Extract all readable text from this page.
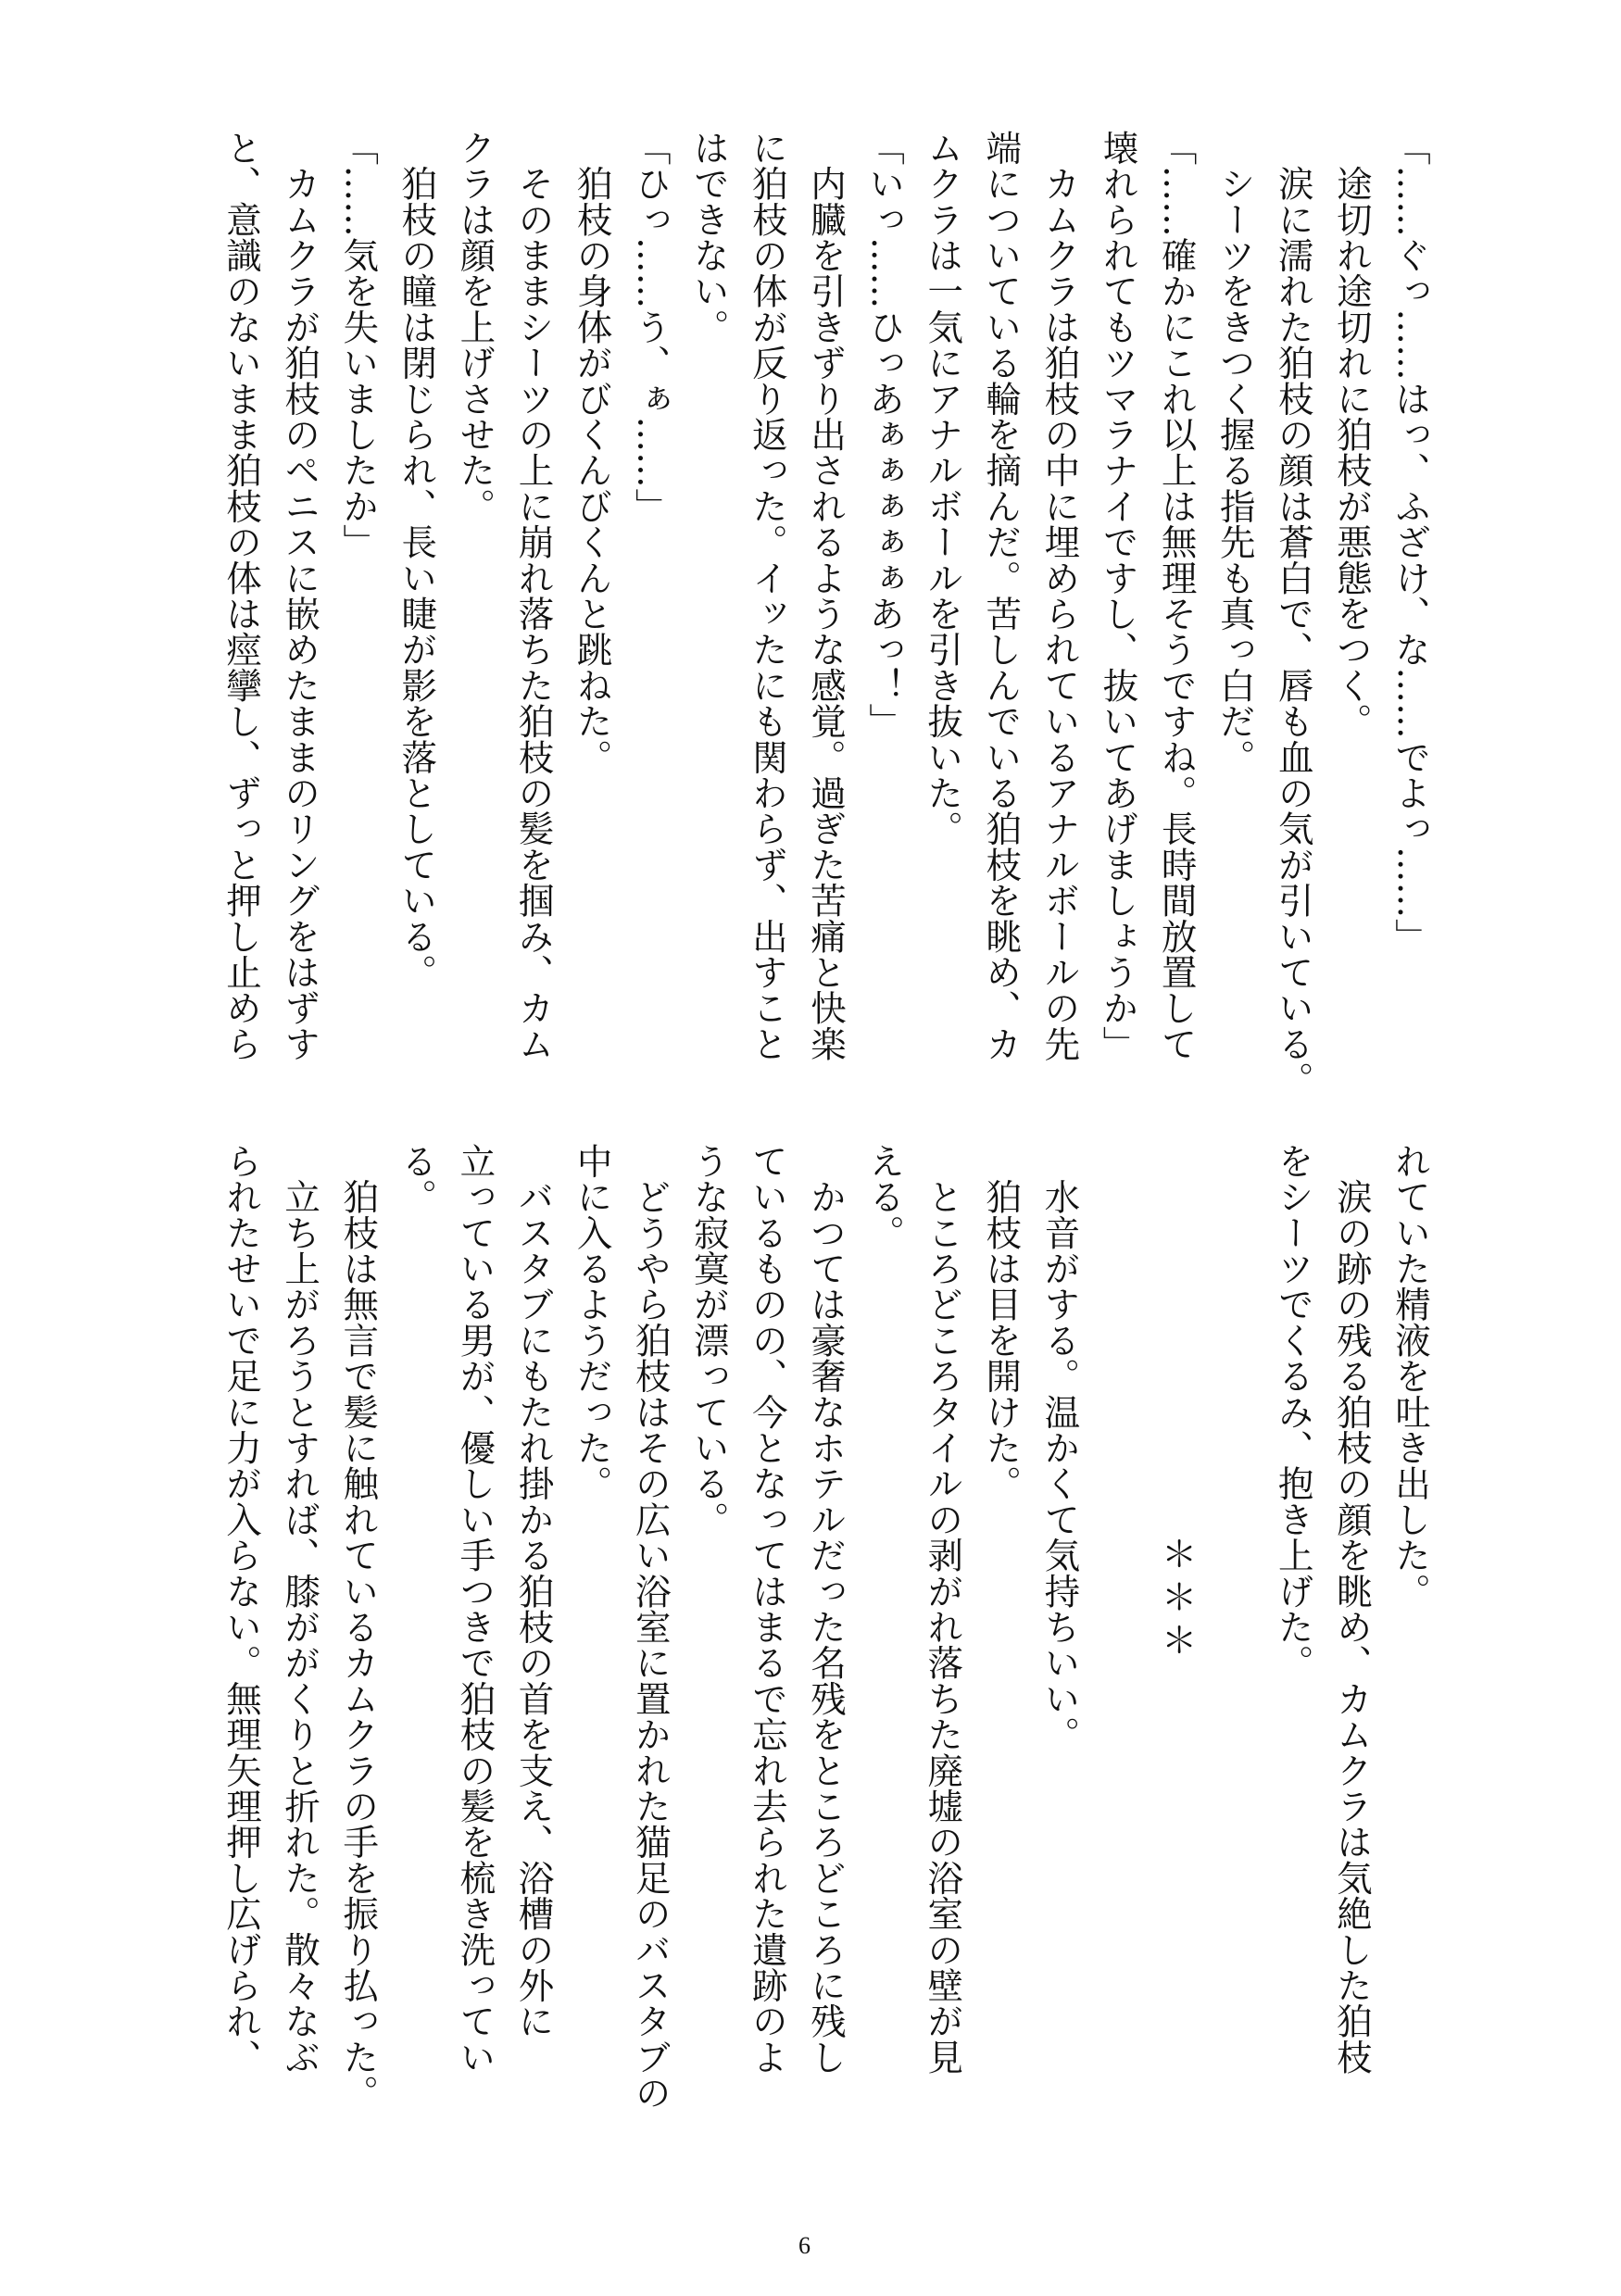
「……ぐっ……はっ、ふざけ、な……でよっ……」
　途切れ途切れに狛枝が悪態をつく。
　涙に濡れた狛枝の顔は蒼白で、唇も血の気が引いている。
　シーツをきつく握る指先も真っ白だ。
「……確かにこれ以上は無理そうですね。長時間放置して
壊れられてもツマラナイですし、抜いてあげましょうか」
　カムクラは狛枝の中に埋められているアナルボールの先
端についている輪を摘んだ。苦しんでいる狛枝を眺め、カ
ムクラは一気にアナルボールを引き抜いた。
「いっ……ひっあぁぁぁぁぁあっ！」
　内臓を引きずり出されるような感覚。過ぎた苦痛と快楽
に狛枝の体が反り返った。イッたにも関わらず、出すこと
はできない。
「ひっ……う、ぁ……」
　狛枝の身体がびくんびくんと跳ねた。
　そのままシーツの上に崩れ落ちた狛枝の髪を掴み、カム
クラは顔を上げさせた。
　狛枝の瞳は閉じられ、長い睫が影を落としている。
「……気を失いましたか」
　カムクラが狛枝のペニスに嵌めたままのリングをはずす
と、意識のないまま狛枝の体は痙攣し、ずっと押し止めら
れていた精液を吐き出した。
　涙の跡の残る狛枝の顔を眺め、カムクラは気絶した狛枝
をシーツでくるみ、抱き上げた。
＊＊＊
　水音がする。温かくて気持ちいい。
　狛枝は目を開けた。
　ところどころタイルの剥がれ落ちた廃墟の浴室の壁が見
える。
　かつては豪奢なホテルだった名残をところどころに残し
ているものの、今となってはまるで忘れ去られた遺跡のよ
うな寂寞が漂っている。
　どうやら狛枝はその広い浴室に置かれた猫足のバスタブの
中に入るようだった。
　バスタブにもたれ掛かる狛枝の首を支え、浴槽の外に
立っている男が、優しい手つきで狛枝の髪を梳き洗ってい
る。
　狛枝は無言で髪に触れているカムクラの手を振り払った。
　立ち上がろうとすれば、膝ががくりと折れた。散々なぶ
られたせいで足に力が入らない。無理矢理押し広げられ、
6
